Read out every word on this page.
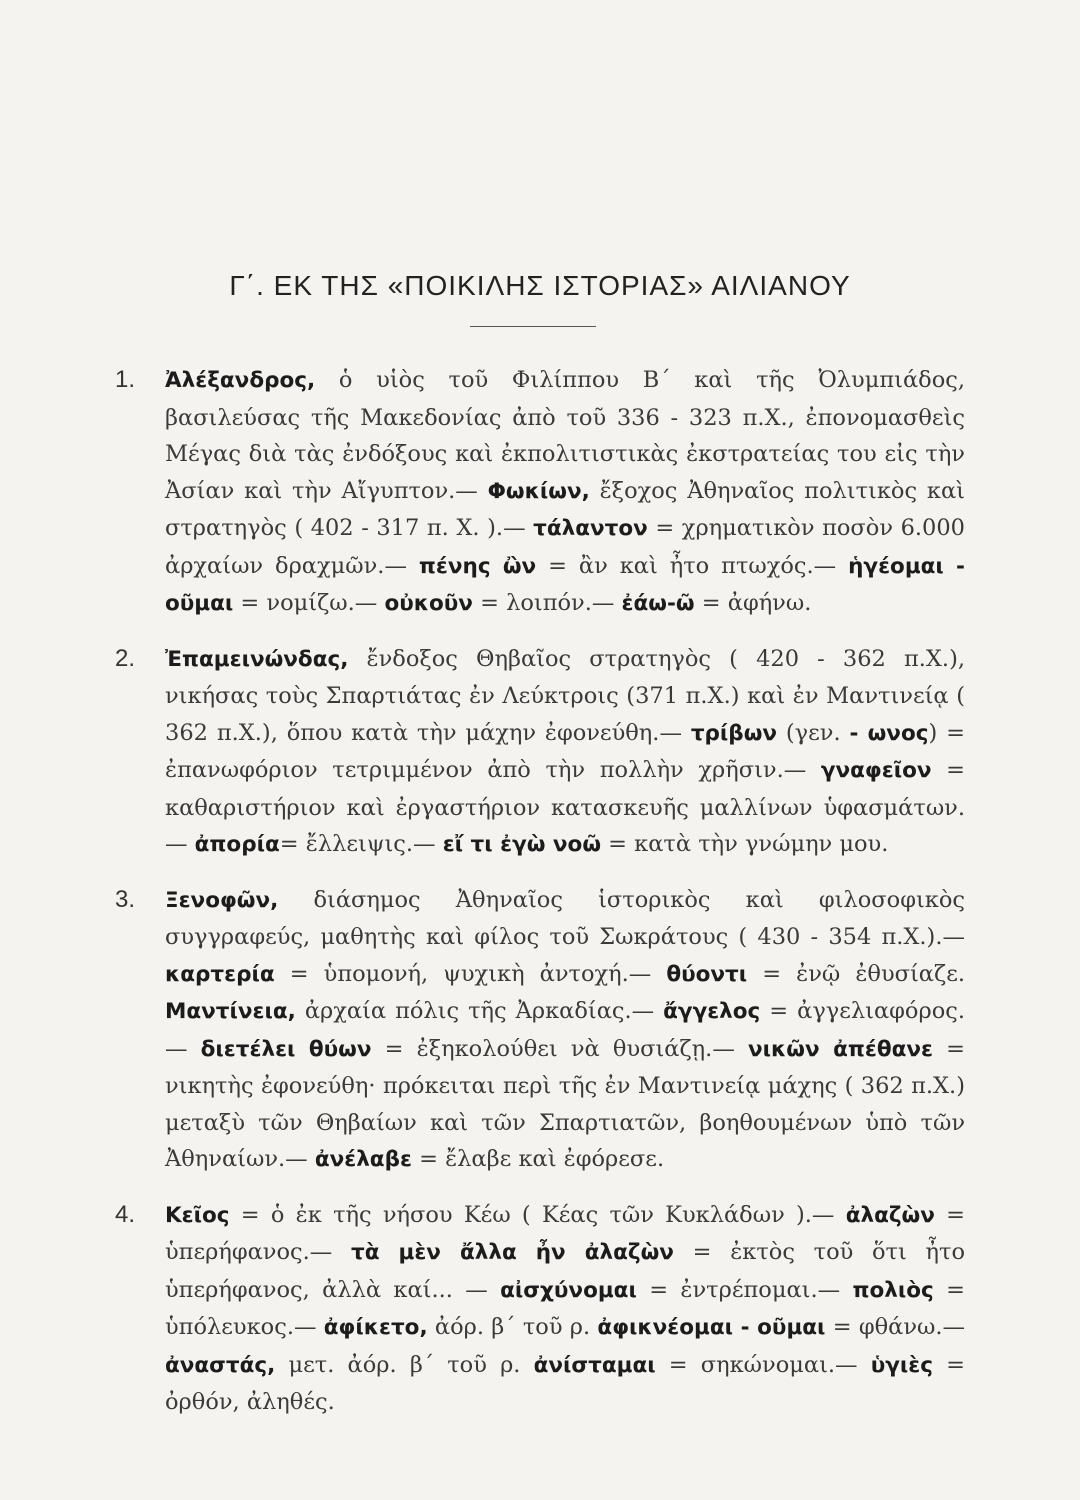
Γ΄. ΕΚ ΤΗΣ «ΠΟΙΚΙΛΗΣ ΙΣΤΟΡΙΑΣ» ΑΙΛΙΑΝΟΥ
1. Ἀλέξανδρος, ὁ υἱὸς τοῦ Φιλίππου Β΄ καὶ τῆς Ὀλυμπιάδος, βασιλεύσας τῆς Μακεδονίας ἀπὸ τοῦ 336 - 323 π.Χ., ἐπονομασθεὶς Μέγας διὰ τὰς ἐνδόξους καὶ ἐκπολιτιστικὰς ἐκστρατείας του εἰς τὴν Ἀσίαν καὶ τὴν Αἴγυπτον.— Φωκίων, ἔξοχος Ἀθηναῖος πολιτικὸς καὶ στρατηγὸς ( 402 - 317 π. Χ. ).— τάλαντον = χρηματικὸν ποσὸν 6.000 ἀρχαίων δραχμῶν.— πένης ὢν = ἂν καὶ ἦτο πτωχός.— ἡγέομαι - οῦμαι = νομίζω.— οὐκοῦν = λοιπόν.— ἐάω-ῶ = ἀφήνω.
2. Ἐπαμεινώνδας, ἔνδοξος Θηβαῖος στρατηγὸς ( 420 - 362 π.Χ.), νικήσας τοὺς Σπαρτιάτας ἐν Λεύκτροις (371 π.Χ.) καὶ ἐν Μαντινείᾳ ( 362 π.Χ.), ὅπου κατὰ τὴν μάχην ἐφονεύθη.— τρίβων (γεν. - ωνος) = ἐπανωφόριον τετριμμένον ἀπὸ τὴν πολλὴν χρῆσιν.— γναφεῖον = καθαριστήριον καὶ ἐργαστήριον κατασκευῆς μαλλίνων ὑφασμάτων.— ἀπορία= ἔλλειψις.— εἴ τι ἐγὼ νοῶ = κατὰ τὴν γνώμην μου.
3. Ξενοφῶν, διάσημος Ἀθηναῖος ἱστορικὸς καὶ φιλοσοφικὸς συγγραφεύς, μαθητὴς καὶ φίλος τοῦ Σωκράτους ( 430 - 354 π.Χ.).— καρτερία = ὑπομονή, ψυχικὴ ἀντοχή.— θύοντι = ἐνῷ ἐθυσίαζε. Μαντίνεια, ἀρχαία πόλις τῆς Ἀρκαδίας.— ἄγγελος = ἀγγελιαφόρος.— διετέλει θύων = ἐξηκολούθει νὰ θυσιάζῃ.— νικῶν ἀπέθανε = νικητὴς ἐφονεύθη· πρόκειται περὶ τῆς ἐν Μαντινείᾳ μάχης ( 362 π.Χ.) μεταξὺ τῶν Θηβαίων καὶ τῶν Σπαρτιατῶν, βοηθουμένων ὑπὸ τῶν Ἀθηναίων.— ἀνέλαβε = ἔλαβε καὶ ἐφόρεσε.
4. Κεῖος = ὁ ἐκ τῆς νήσου Κέω ( Κέας τῶν Κυκλάδων ).— ἀλαζὼν = ὑπερήφανος.— τὰ μὲν ἄλλα ἦν ἀλαζὼν = ἐκτὸς τοῦ ὅτι ἦτο ὑπερήφανος, ἀλλὰ καί... — αἰσχύνομαι = ἐντρέπομαι.— πολιὸς = ὑπόλευκος.— ἀφίκετο, ἀόρ. β΄ τοῦ ρ. ἀφικνέομαι - οῦμαι = φθάνω.— ἀναστάς, μετ. ἀόρ. β΄ τοῦ ρ. ἀνίσταμαι = σηκώνομαι.— ὑγιὲς = ὀρθόν, ἀληθές.
